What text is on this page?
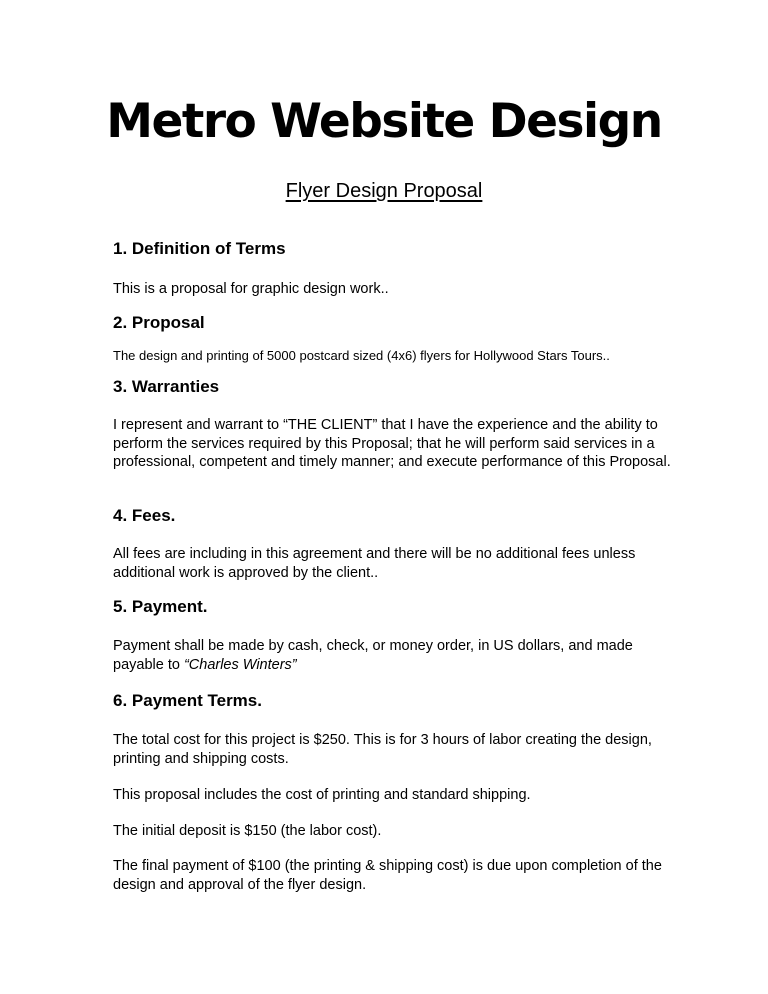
Metro Website Design
Flyer Design Proposal

1. Definition of Terms

This is a proposal for graphic design work..

2. Proposal

The design and printing of 5000 postcard sized (4x6) flyers for Hollywood Stars Tours..

3. Warranties

I represent and warrant to “THE CLIENT” that I have the experience and the ability to perform the services required by this Proposal; that he will perform said services in a professional, competent and timely manner; and execute performance of this Proposal.

4. Fees.

All fees are including in this agreement and there will be no additional fees unless additional work is approved by the client..

5. Payment.

Payment shall be made by cash, check, or money order, in US dollars, and made payable to “Charles Winters”

6. Payment Terms.

The total cost for this project is $250. This is for 3 hours of labor creating the design, printing and shipping costs.

This proposal includes the cost of printing and standard shipping.

The initial deposit is $150 (the labor cost).

The final payment of $100 (the printing & shipping cost) is due upon completion of the design and approval of the flyer design.
